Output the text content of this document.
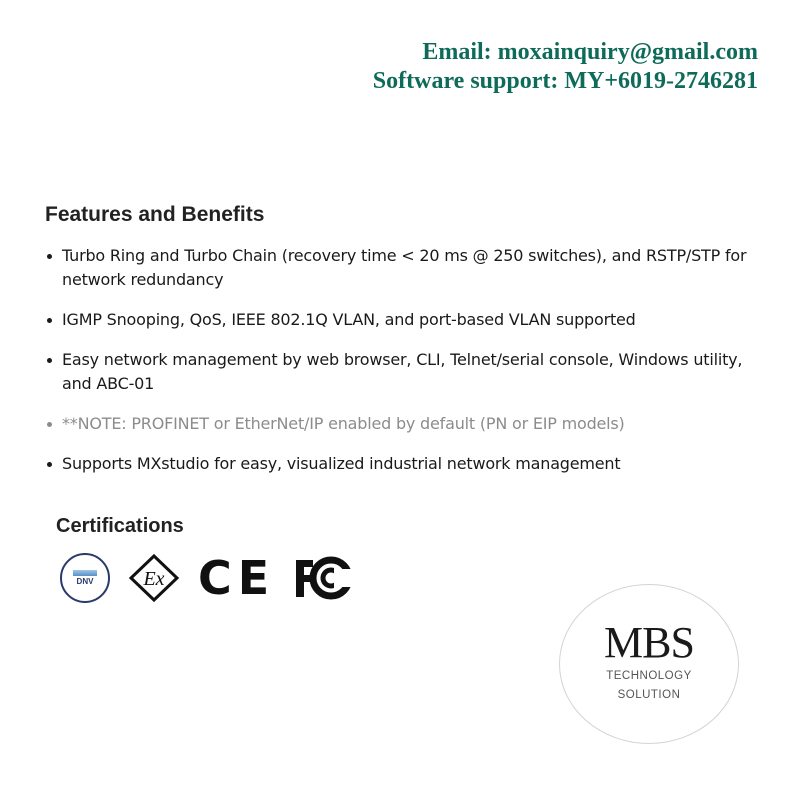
Email: moxainquiry@gmail.com
Software support: MY+6019-2746281
Features and Benefits
Turbo Ring and Turbo Chain (recovery time < 20 ms @ 250 switches), and RSTP/STP for network redundancy
IGMP Snooping, QoS, IEEE 802.1Q VLAN, and port-based VLAN supported
Easy network management by web browser, CLI, Telnet/serial console, Windows utility, and ABC-01
**NOTE: PROFINET or EtherNet/IP enabled by default (PN or EIP models)
Supports MXstudio for easy, visualized industrial network management
Certifications
DNV	Ex CE
MBS
TECHNOLOGY
SOLUTION
